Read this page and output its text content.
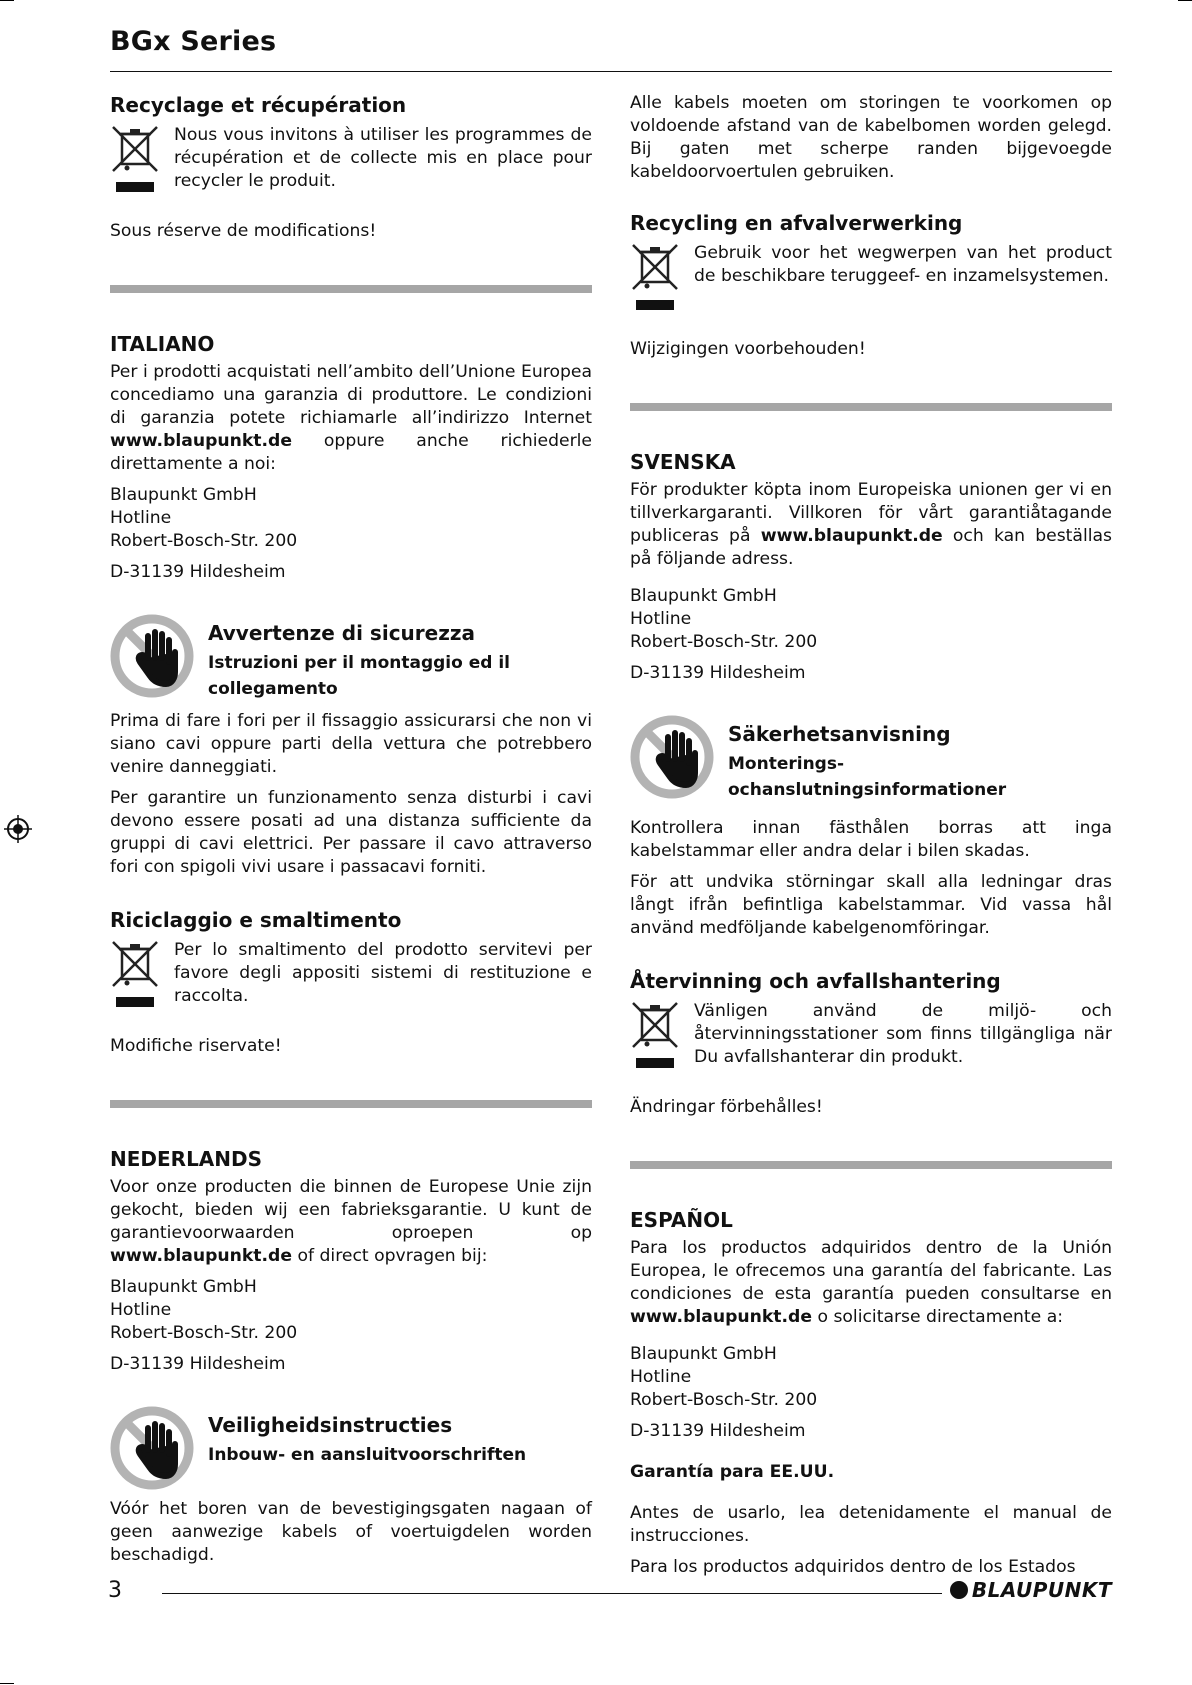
BGx Series
Recyclage et récupération
Nous vous invitons à utiliser les programmes de récupération et de collecte mis en place pour recycler le produit.

Sous réserve de modifications!

ITALIANO

Per i prodotti acquistati nell’ambito dell’Unione Europea concediamo una garanzia di produttore. Le condizioni di garanzia potete richiamarle all’indirizzo Internet www.blaupunkt.de oppure anche richiederle direttamente a noi:

Blaupunkt GmbH
Hotline
Robert-Bosch-Str. 200
D-31139 Hildesheim
Avvertenze di sicurezza
Istruzioni per il montaggio ed il collegamento

Prima di fare i fori per il fissaggio assicurarsi che non vi siano cavi oppure parti della vettura che potrebbero venire danneggiati.

Per garantire un funzionamento senza disturbi i cavi devono essere posati ad una distanza sufficiente da gruppi di cavi elettrici. Per passare il cavo attraverso fori con spigoli vivi usare i passacavi forniti.

Riciclaggio e smaltimento
Per lo smaltimento del prodotto servitevi per favore degli appositi sistemi di restituzione e raccolta.

Modifiche riservate!

NEDERLANDS

Voor onze producten die binnen de Europese Unie zijn gekocht, bieden wij een fabrieksgarantie. U kunt de garantievoorwaarden oproepen op www.blaupunkt.de of direct opvragen bij:

Blaupunkt GmbH
Hotline
Robert-Bosch-Str. 200
D-31139 Hildesheim
Veiligheidsinstructies
Inbouw- en aansluitvoorschriften

Vóór het boren van de bevestigingsgaten nagaan of geen aanwezige kabels of voertuigdelen worden beschadigd.

Alle kabels moeten om storingen te voorkomen op voldoende afstand van de kabelbomen worden gelegd. Bij gaten met scherpe randen bijgevoegde kabeldoorvoertulen gebruiken.

Recycling en afvalverwerking
Gebruik voor het wegwerpen van het product de beschikbare teruggeef- en inzamelsystemen.

Wijzigingen voorbehouden!

SVENSKA

För produkter köpta inom Europeiska unionen ger vi en tillverkargaranti. Villkoren för vårt garantiåtagande publiceras på www.blaupunkt.de och kan beställas på följande adress.

Blaupunkt GmbH
Hotline
Robert-Bosch-Str. 200
D-31139 Hildesheim
Säkerhetsanvisning
Monterings- ochanslutningsinformationer

Kontrollera innan fästhålen borras att inga kabelstammar eller andra delar i bilen skadas.

För att undvika störningar skall alla ledningar dras långt ifrån befintliga kabelstammar. Vid vassa hål använd medföljande kabelgenomföringar.

Återvinning och avfallshantering
Vänligen använd de miljö- och återvinningsstationer som finns tillgängliga när Du avfallshanterar din produkt.

Ändringar förbehålles!

ESPAÑOL

Para los productos adquiridos dentro de la Unión Europea, le ofrecemos una garantía del fabricante. Las condiciones de esta garantía pueden consultarse en www.blaupunkt.de o solicitarse directamente a:

Blaupunkt GmbH
Hotline
Robert-Bosch-Str. 200
D-31139 Hildesheim
Garantía para EE.UU.

Antes de usarlo, lea detenidamente el manual de instrucciones.

Para los productos adquiridos dentro de los Estados

3	BLAUPUNKT
